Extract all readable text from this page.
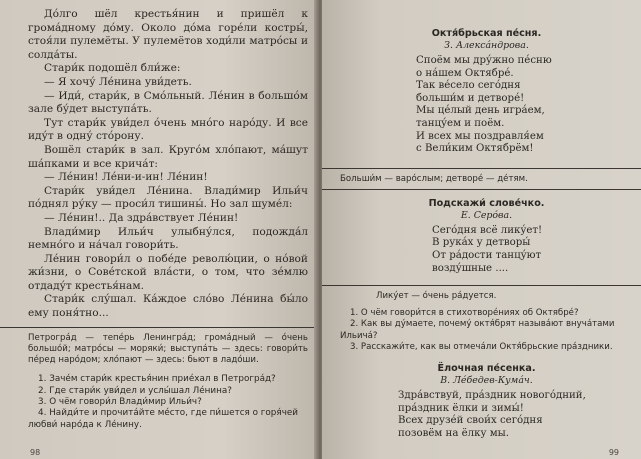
До́лго шёл крестья́нин и пришёл к грома́дному до́му. Около до́ма горе́ли костры́, стоя́ли пулемёты. У пулемётов ходи́ли матро́сы и солда́ты.

Стари́к подошёл бли́же:

— Я хочу́ Ле́нина уви́деть.

— Иди́, стари́к, в Смо́льный. Ле́нин в большо́м зале бу́дет выступа́ть.

Тут стари́к уви́дел о́чень мно́го наро́ду. И все иду́т в одну́ сто́рону.

Вошёл стари́к в зал. Круго́м хло́пают, ма́шут ша́пками и все крича́т:

— Ле́нин! Ле́ни-и-ин! Ле́нин!

Стари́к уви́дел Ле́нина. Влади́мир Ильи́ч по́днял ру́ку — проси́л тишины́. Но зал шуме́л:

— Ле́нин!.. Да здра́вствует Ле́нин!

Влади́мир Ильи́ч улыбну́лся, подожда́л немно́го и на́чал говори́ть.

Ле́нин говори́л о побе́де револю́ции, о но́вой жи́зни, о Сове́тской вла́сти, о том, что зе́млю отдаду́т крестья́нам.

Стари́к слу́шал. Ка́ждое сло́во Ле́нина бы́ло ему поня́тно...

Петрогра́д — тепе́рь Ленингра́д; грома́дный — о́чень большо́й; матро́сы — моряки́; выступа́ть — здесь: говори́ть пе́ред наро́дом; хло́пают — здесь: бьют в ладо́ши.

1. Заче́м стари́к крестья́нин прие́хал в Петрогра́д?
2. Где стари́к уви́дел и услы́шал Ле́нина?
3. О чём говори́л Влади́мир Ильи́ч?
4. Найди́те и прочита́йте ме́сто, где пи́шется о горя́чей любви́ наро́да к Ле́нину.
98

Октя́брьская пе́сня.

З. Алекса́ндрова.

Споём мы дру́жно пе́сню

о на́шем Октябре́.

Так ве́село сего́дня

больши́м и детворе́!

Мы це́лый день игра́ем,

танцу́ем и поём.

И всех мы поздравля́ем

с Вели́ким Октябрём!

Больши́м — варо́слым; детворе́ — де́тям.

Подскажи́ слове́чко.

Е. Серо́ва.

Сего́дня всё лику́ет!

В рука́х у детворы́

От ра́дости танцу́ют

возду́шные ....

Лику́ет — о́чень ра́дуется.

1. О чём говори́тся в стихотворе́ниях об Октябре́?
2. Как вы ду́маете, почему́ октя́брят называ́ют внуча́тами Ильича́?
3. Расскажи́те, как вы отмеча́ли Октя́брьские пра́здники.

Ёлочная пе́сенка.

В. Ле́бедев-Кума́ч.

Здра́вствуй, пра́здник нового́дний,

пра́здник ёлки и зимы́!

Всех друзе́й свои́х сего́дня

позовём на ёлку мы.

99
